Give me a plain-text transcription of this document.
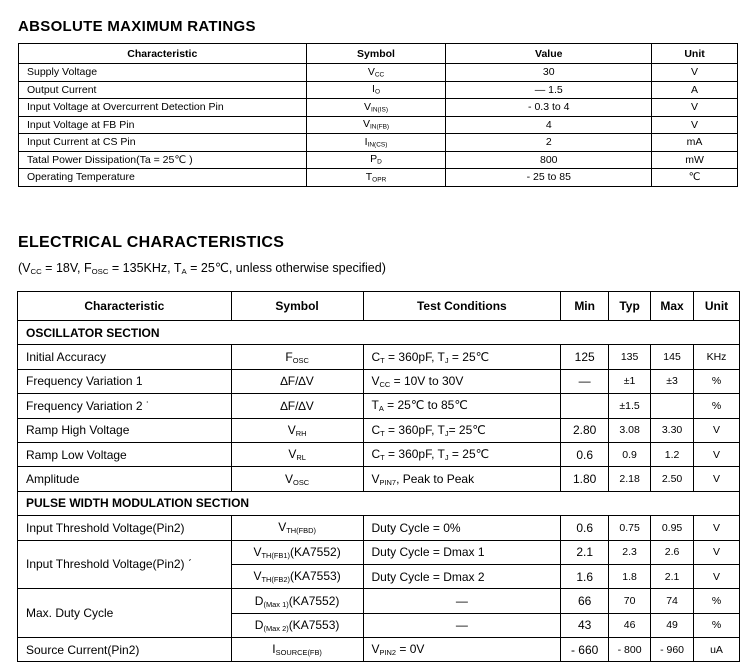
ABSOLUTE MAXIMUM RATINGS
Characteristic	Symbol	Value	Unit
Supply Voltage	$V_{CC}$	30	V
Output Current	$I_O$	— 1.5	A
Input Voltage at Overcurrent Detection Pin	$V_{IN(IS)}$	- 0.3 to 4	V
Input Voltage at FB Pin	$V_{IN(FB)}$	4	V
Input Current at CS Pin	$I_{IN(CS)}$	2	mA
Tatal Power Dissipation(Ta = 25℃ )	$P_D$	800	mW
Operating Temperature	$T_{OPR}$	- 25 to 85	℃
ELECTRICAL CHARACTERISTICS
($V_{CC} = 18V$, $F_{OSC} = 135KHz$, $T_A$ = 25℃, unless otherwise specified)
Characteristic	Symbol	Test Conditions	Min	Typ	Max	Unit
OSCILLATOR SECTION						
Initial Accuracy	$F_{OSC}$	$C_T = 360pF$, $T_J$ = 25℃	125	135	145	KHz
Frequency Variation 1	∆F/∆V	$V_{CC} = 10V$ to 30V	—	±1	±3	%
Frequency Variation 2 ˙	∆F/∆V	$T_A$ = 25℃ to 85℃		±1.5		%
Ramp High Voltage	$V_{RH}$	$C_T = 360pF$, $T_J=$ 25℃	2.80	3.08	3.30	V
Ramp Low Voltage	$V_{RL}$	$C_T = 360pF$, $T_J$ = 25℃	0.6	0.9	1.2	V
Amplitude	$V_{OSC}$	$V_{PIN7}$, Peak to Peak	1.80	2.18	2.50	V
PULSE WIDTH MODULATION SECTION						
Input Threshold Voltage(Pin2)	$V_{TH(FBD)}$	Duty Cycle = 0%	0.6	0.75	0.95	V
Input Threshold Voltage(Pin2) ˊ	$V_{TH(FB1)}(KA7552)$	Duty Cycle = Dmax 1	2.1	2.3	2.6	V
	$V_{TH(FB2)}(KA7553)$	Duty Cycle = Dmax 2	1.6	1.8	2.1	V
Max. Duty Cycle	$D_{(Max 1)}(KA7552)$	—	66	70	74	%
	$D_{(Max 2)}(KA7553)$	—	43	46	49	%
Source Current(Pin2)	$I_{SOURCE(FB)}$	$V_{PIN2} = 0V$	- 660	- 800	- 960	uA
